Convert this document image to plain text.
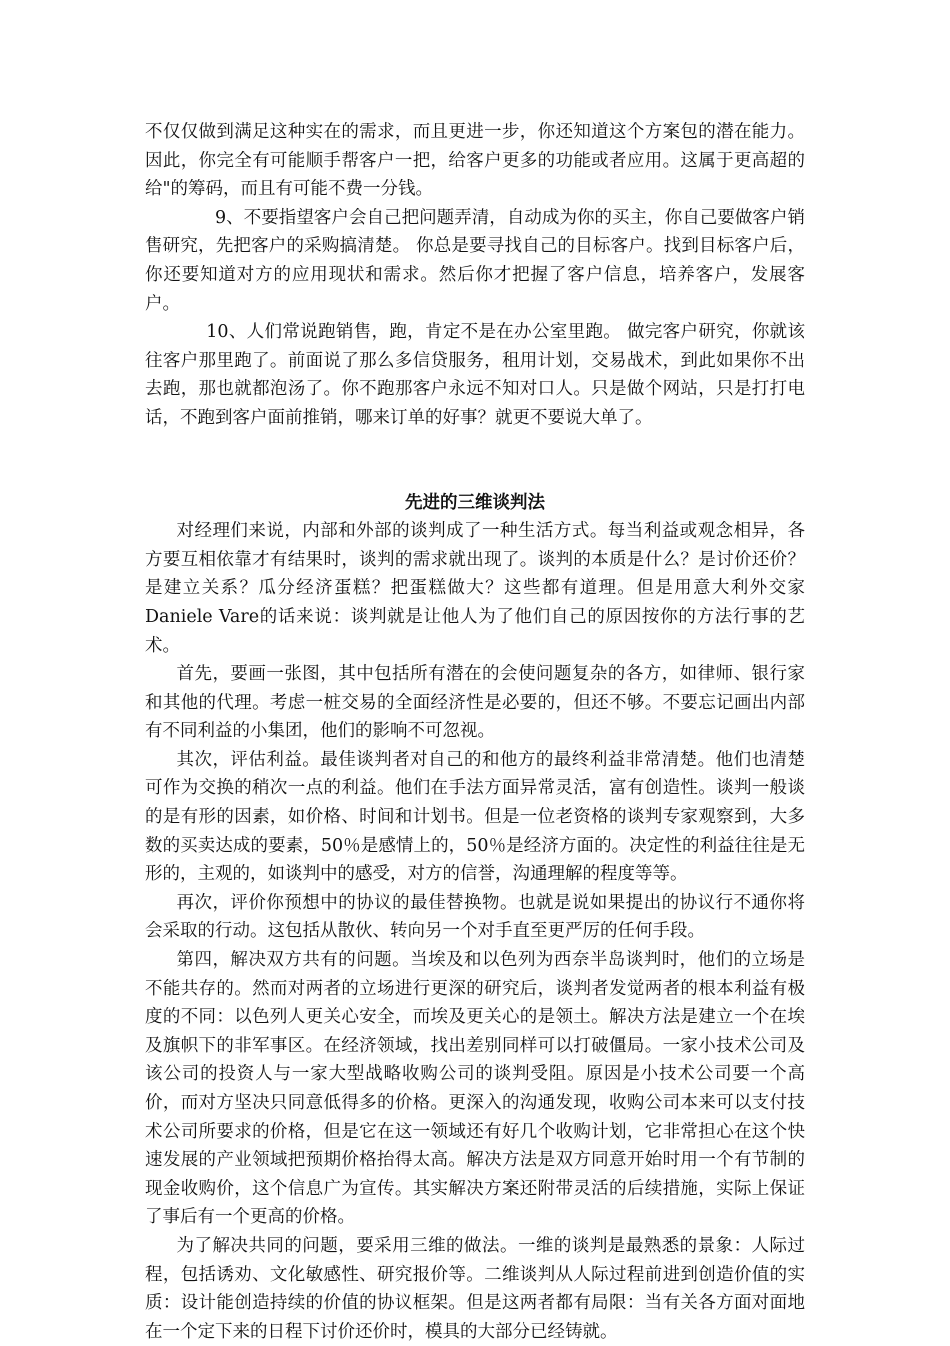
不仅仅做到满足这种实在的需求，而且更进一步，你还知道这个方案包的潜在能力。因此，你完全有可能顺手帮客户一把，给客户更多的功能或者应用。这属于更高超的给"的筹码，而且有可能不费一分钱。

9、不要指望客户会自己把问题弄清，自动成为你的买主，你自己要做客户销售研究，先把客户的采购搞清楚。 你总是要寻找自己的目标客户。找到目标客户后，你还要知道对方的应用现状和需求。然后你才把握了客户信息，培养客户，发展客户。

10、人们常说跑销售，跑，肯定不是在办公室里跑。 做完客户研究，你就该往客户那里跑了。前面说了那么多信贷服务，租用计划，交易战术，到此如果你不出去跑，那也就都泡汤了。你不跑那客户永远不知对口人。只是做个网站，只是打打电话，不跑到客户面前推销，哪来订单的好事？就更不要说大单了。

先进的三维谈判法

对经理们来说，内部和外部的谈判成了一种生活方式。每当利益或观念相异，各方要互相依靠才有结果时，谈判的需求就出现了。谈判的本质是什么？是讨价还价？是建立关系？瓜分经济蛋糕？把蛋糕做大？这些都有道理。但是用意大利外交家Daniele Vare的话来说：谈判就是让他人为了他们自己的原因按你的方法行事的艺术。

首先，要画一张图，其中包括所有潜在的会使问题复杂的各方，如律师、银行家和其他的代理。考虑一桩交易的全面经济性是必要的，但还不够。不要忘记画出内部有不同利益的小集团，他们的影响不可忽视。

其次，评估利益。最佳谈判者对自己的和他方的最终利益非常清楚。他们也清楚可作为交换的稍次一点的利益。他们在手法方面异常灵活，富有创造性。谈判一般谈的是有形的因素，如价格、时间和计划书。但是一位老资格的谈判专家观察到，大多数的买卖达成的要素，50％是感情上的，50％是经济方面的。决定性的利益往往是无形的，主观的，如谈判中的感受，对方的信誉，沟通理解的程度等等。

再次，评价你预想中的协议的最佳替换物。也就是说如果提出的协议行不通你将会采取的行动。这包括从散伙、转向另一个对手直至更严厉的任何手段。

第四，解决双方共有的问题。当埃及和以色列为西奈半岛谈判时，他们的立场是不能共存的。然而对两者的立场进行更深的研究后，谈判者发觉两者的根本利益有极度的不同：以色列人更关心安全，而埃及更关心的是领土。解决方法是建立一个在埃及旗帜下的非军事区。在经济领域，找出差别同样可以打破僵局。一家小技术公司及该公司的投资人与一家大型战略收购公司的谈判受阻。原因是小技术公司要一个高价，而对方坚决只同意低得多的价格。更深入的沟通发现，收购公司本来可以支付技术公司所要求的价格，但是它在这一领域还有好几个收购计划，它非常担心在这个快速发展的产业领域把预期价格抬得太高。解决方法是双方同意开始时用一个有节制的现金收购价，这个信息广为宣传。其实解决方案还附带灵活的后续措施，实际上保证了事后有一个更高的价格。

为了解决共同的问题，要采用三维的做法。一维的谈判是最熟悉的景象：人际过程，包括诱劝、文化敏感性、研究报价等。二维谈判从人际过程前进到创造价值的实质：设计能创造持续的价值的协议框架。但是这两者都有局限：当有关各方面对面地在一个定下来的日程下讨价还价时，模具的大部分已经铸就。
